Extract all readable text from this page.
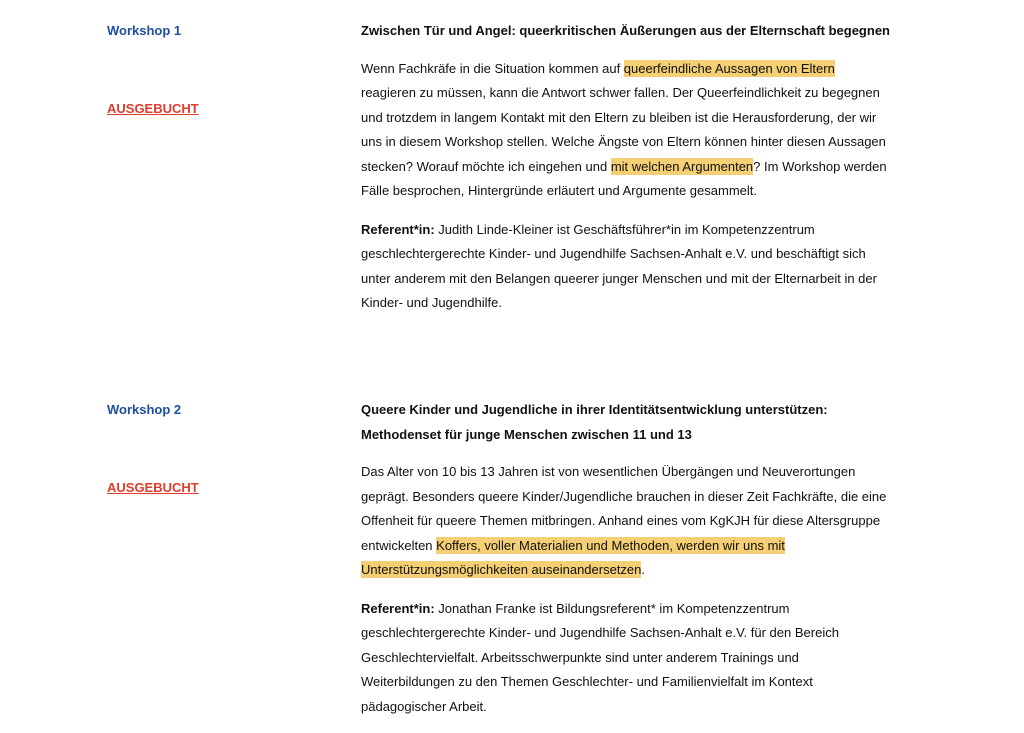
Workshop 1
AUSGEBUCHT
Zwischen Tür und Angel: queerkritischen Äußerungen aus der Elternschaft begegnen

Wenn Fachkräfe in die Situation kommen auf queerfeindliche Aussagen von Eltern reagieren zu müssen, kann die Antwort schwer fallen. Der Queerfeindlichkeit zu begegnen und trotzdem in langem Kontakt mit den Eltern zu bleiben ist die Herausforderung, der wir uns in diesem Workshop stellen. Welche Ängste von Eltern können hinter diesen Aussagen stecken? Worauf möchte ich eingehen und mit welchen Argumenten? Im Workshop werden Fälle besprochen, Hintergründe erläutert und Argumente gesammelt.

Referent*in: Judith Linde-Kleiner ist Geschäftsführer*in im Kompetenzzentrum geschlechtergerechte Kinder- und Jugendhilfe Sachsen-Anhalt e.V. und beschäftigt sich unter anderem mit den Belangen queerer junger Menschen und mit der Elternarbeit in der Kinder- und Jugendhilfe.

Workshop 2
AUSGEBUCHT
Queere Kinder und Jugendliche in ihrer Identitätsentwicklung unterstützen: Methodenset für junge Menschen zwischen 11 und 13

Das Alter von 10 bis 13 Jahren ist von wesentlichen Übergängen und Neuverortungen geprägt. Besonders queere Kinder/Jugendliche brauchen in dieser Zeit Fachkräfte, die eine Offenheit für queere Themen mitbringen. Anhand eines vom KgKJH für diese Altersgruppe entwickelten Koffers, voller Materialien und Methoden, werden wir uns mit Unterstützungsmöglichkeiten auseinandersetzen.

Referent*in: Jonathan Franke ist Bildungsreferent* im Kompetenzzentrum geschlechtergerechte Kinder- und Jugendhilfe Sachsen-Anhalt e.V. für den Bereich Geschlechtervielfalt. Arbeitsschwerpunkte sind unter anderem Trainings und Weiterbildungen zu den Themen Geschlechter- und Familienvielfalt im Kontext pädagogischer Arbeit.
